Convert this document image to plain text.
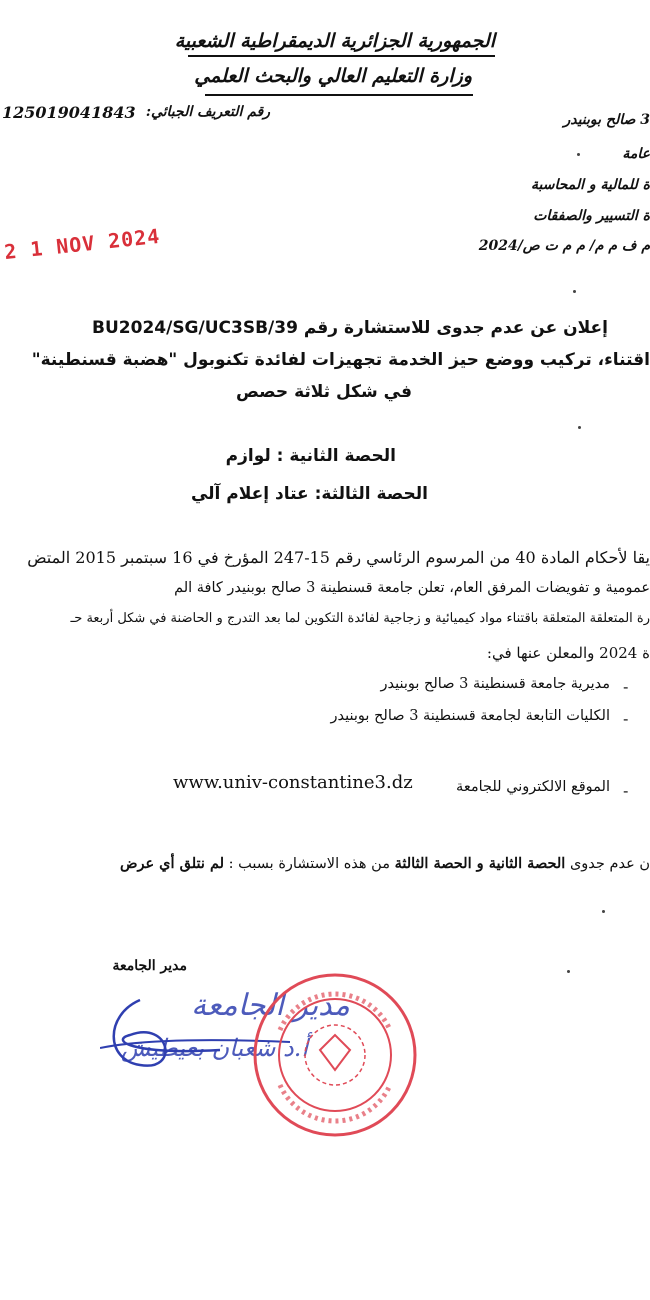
الجمهورية الجزائرية الديمقراطية الشعبية
وزارة التعليم العالي والبحث العلمي
رقم التعريف الجبائي:
125019041843	3 صالح بوبنيدر
عامة
ة للمالية و المحاسبة
ة التسيير والصفقات
م ف م م/ م م ت ص/2024
2 1 NOV 2024
إعلان عن عدم جدوى للاستشارة رقم BU2024/SG/UC3SB/39
اقتناء، تركيب ووضع حيز الخدمة تجهيزات لفائدة تكنوبول "هضبة قسنطينة"
في شكل ثلاثة حصص
الحصة الثانية : لوازم
الحصة الثالثة: عتاد إعلام آلي
يقا لأحكام المادة 40 من المرسوم الرئاسي رقم 15-247 المؤرخ في 16 سبتمبر 2015 المتض
عمومية و تفويضات المرفق العام، تعلن جامعة قسنطينة 3 صالح بوبنيدر كافة الم
رة المتعلقة المتعلقة باقتناء مواد كيميائية و زجاجية لفائدة التكوين لما بعد التدرج و الحاضنة في شكل أربعة حـ
ة 2024 والمعلن عنها في:
-
مديرية جامعة قسنطينة 3 صالح بوبنيدر
-
الكليات التابعة لجامعة قسنطينة 3 صالح بوبنيدر
-
الموقع الالكتروني للجامعة
www.univ-constantine3.dz
ن عدم جدوى الحصة الثانية و الحصة الثالثة من هذه الاستشارة بسبب : لم نتلق أي عرض
مدير الجامعة
مدير الجامعة
أ.د شعبان بعيطيش
